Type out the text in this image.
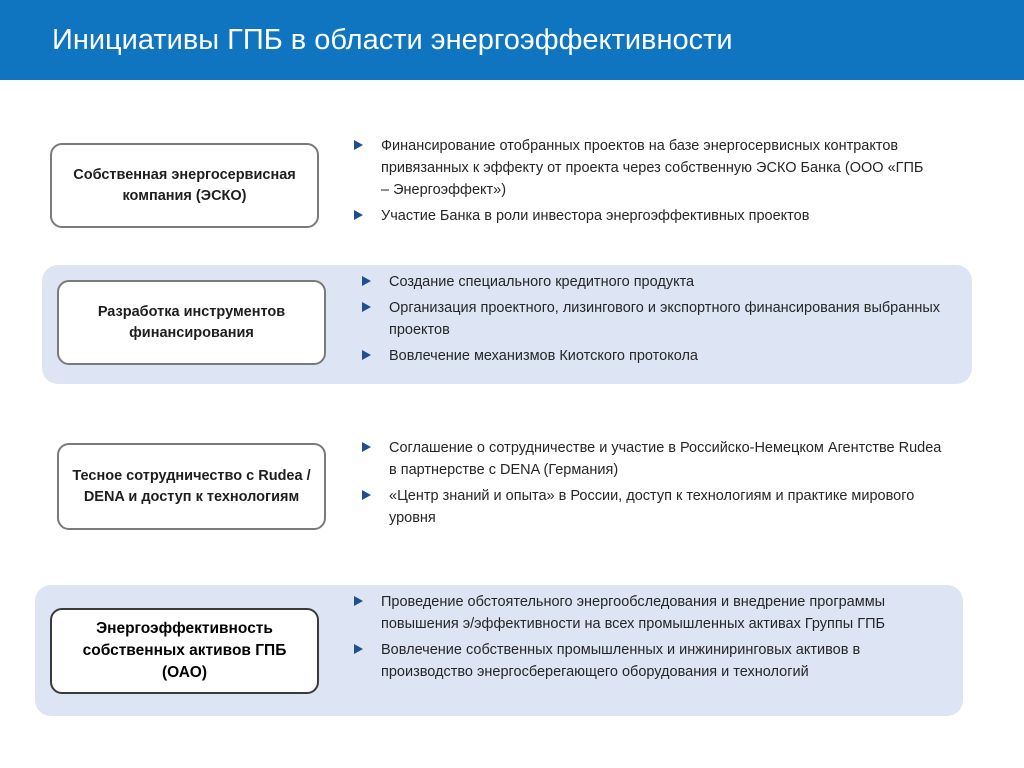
Инициативы ГПБ в области энергоэффективности
Собственная энергосервисная компания (ЭСКО)
Финансирование отобранных проектов на базе энергосервисных контрактов привязанных к эффекту от проекта через собственную ЭСКО Банка (ООО «ГПБ – Энергоэффект»)
Участие Банка в роли инвестора энергоэффективных проектов
Разработка инструментов финансирования
Создание специального кредитного продукта
Организация проектного, лизингового и экспортного финансирования выбранных проектов
Вовлечение механизмов Киотского протокола
Тесное сотрудничество с Rudea / DENA и доступ к технологиям
Соглашение о сотрудничестве и участие в Российско-Немецком Агентстве Rudea в партнерстве с DENA (Германия)
«Центр знаний и опыта» в России, доступ к технологиям и практике мирового уровня
Энергоэффективность собственных активов ГПБ (ОАО)
Проведение обстоятельного энергообследования и внедрение программы повышения э/эффективности на всех промышленных активах Группы ГПБ
Вовлечение собственных промышленных и инжиниринговых активов в производство энергосберегающего оборудования и технологий
